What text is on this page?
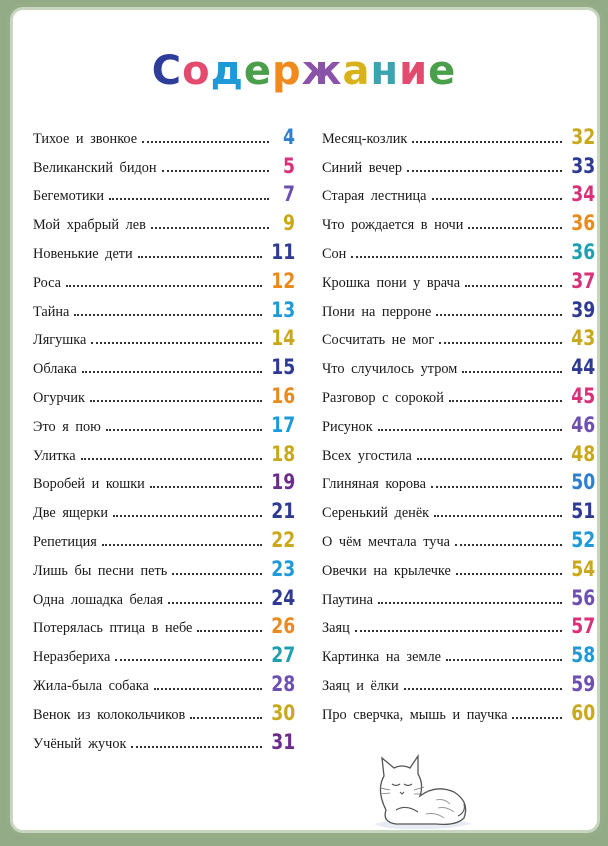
Содержание
Тихое и звонкое	4
Великанский бидон	5
Бегемотики	7
Мой храбрый лев	9
Новенькие дети	11
Роса	12
Тайна	13
Лягушка	14
Облака	15
Огурчик	16
Это я пою	17
Улитка	18
Воробей и кошки	19
Две ящерки	21
Репетиция	22
Лишь бы песни петь	23
Одна лошадка белая	24
Потерялась птица в небе	26
Неразбериха	27
Жила-была собака	28
Венок из колокольчиков	30
Учёный жучок	31
Месяц-козлик	32
Синий вечер	33
Старая лестница	34
Что рождается в ночи	36
Сон	36
Крошка пони у врача	37
Пони на перроне	39
Сосчитать не мог	43
Что случилось утром	44
Разговор с сорокой	45
Рисунок	46
Всех угостила	48
Глиняная корова	50
Серенький денёк	51
О чём мечтала туча	52
Овечки на крылечке	54
Паутина	56
Заяц	57
Картинка на земле	58
Заяц и ёлки	59
Про сверчка, мышь и паучка	60
